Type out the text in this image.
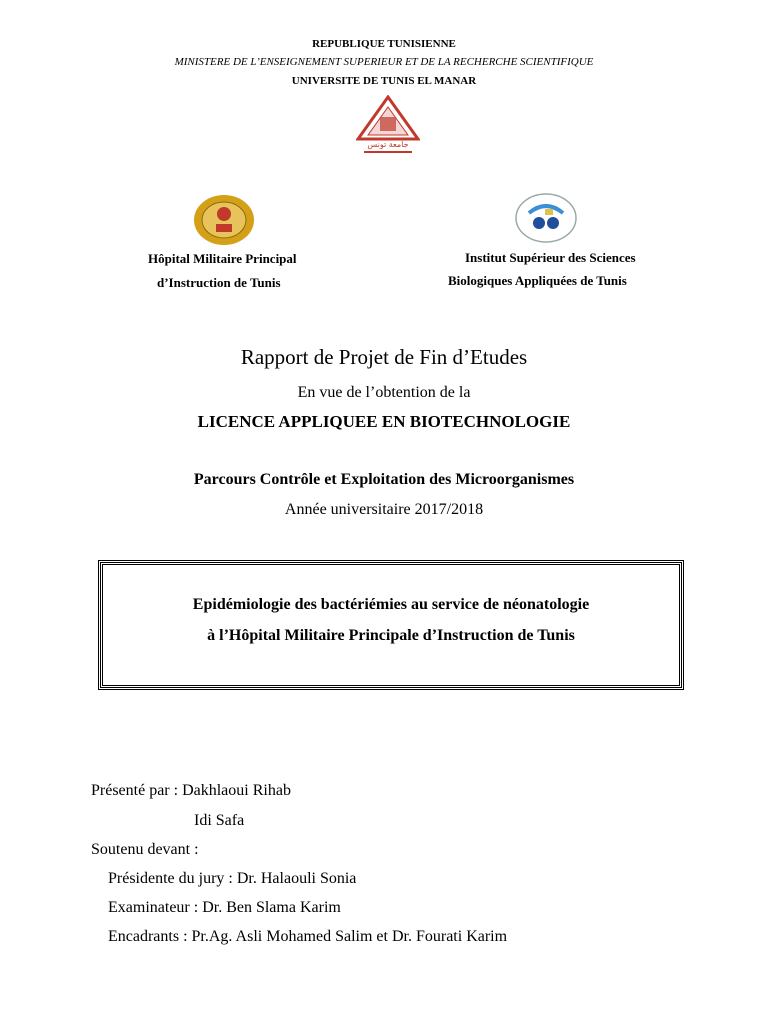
REPUBLIQUE TUNISIENNE
MINISTERE DE L’ENSEIGNEMENT SUPERIEUR ET DE LA RECHERCHE SCIENTIFIQUE
UNIVERSITE DE TUNIS EL MANAR
ﺟﺎﻣﻌﺔ ﺗﻮﻧﺲ
Hôpital Militaire Principal
d’Instruction de Tunis
Institut Supérieur des Sciences
Biologiques Appliquées de Tunis
Rapport de Projet de Fin d’Etudes
En vue de l’obtention de la
LICENCE APPLIQUEE EN BIOTECHNOLOGIE
Parcours Contrôle et Exploitation des Microorganismes
Année universitaire 2017/2018
Epidémiologie des bactériémies au service de néonatologie
à l’Hôpital Militaire Principale d’Instruction de Tunis
Présenté par : Dakhlaoui Rihab
Idi Safa
Soutenu devant :
Présidente du jury : Dr. Halaouli Sonia
Examinateur : Dr. Ben Slama Karim
Encadrants : Pr.Ag. Asli Mohamed Salim et Dr. Fourati Karim
